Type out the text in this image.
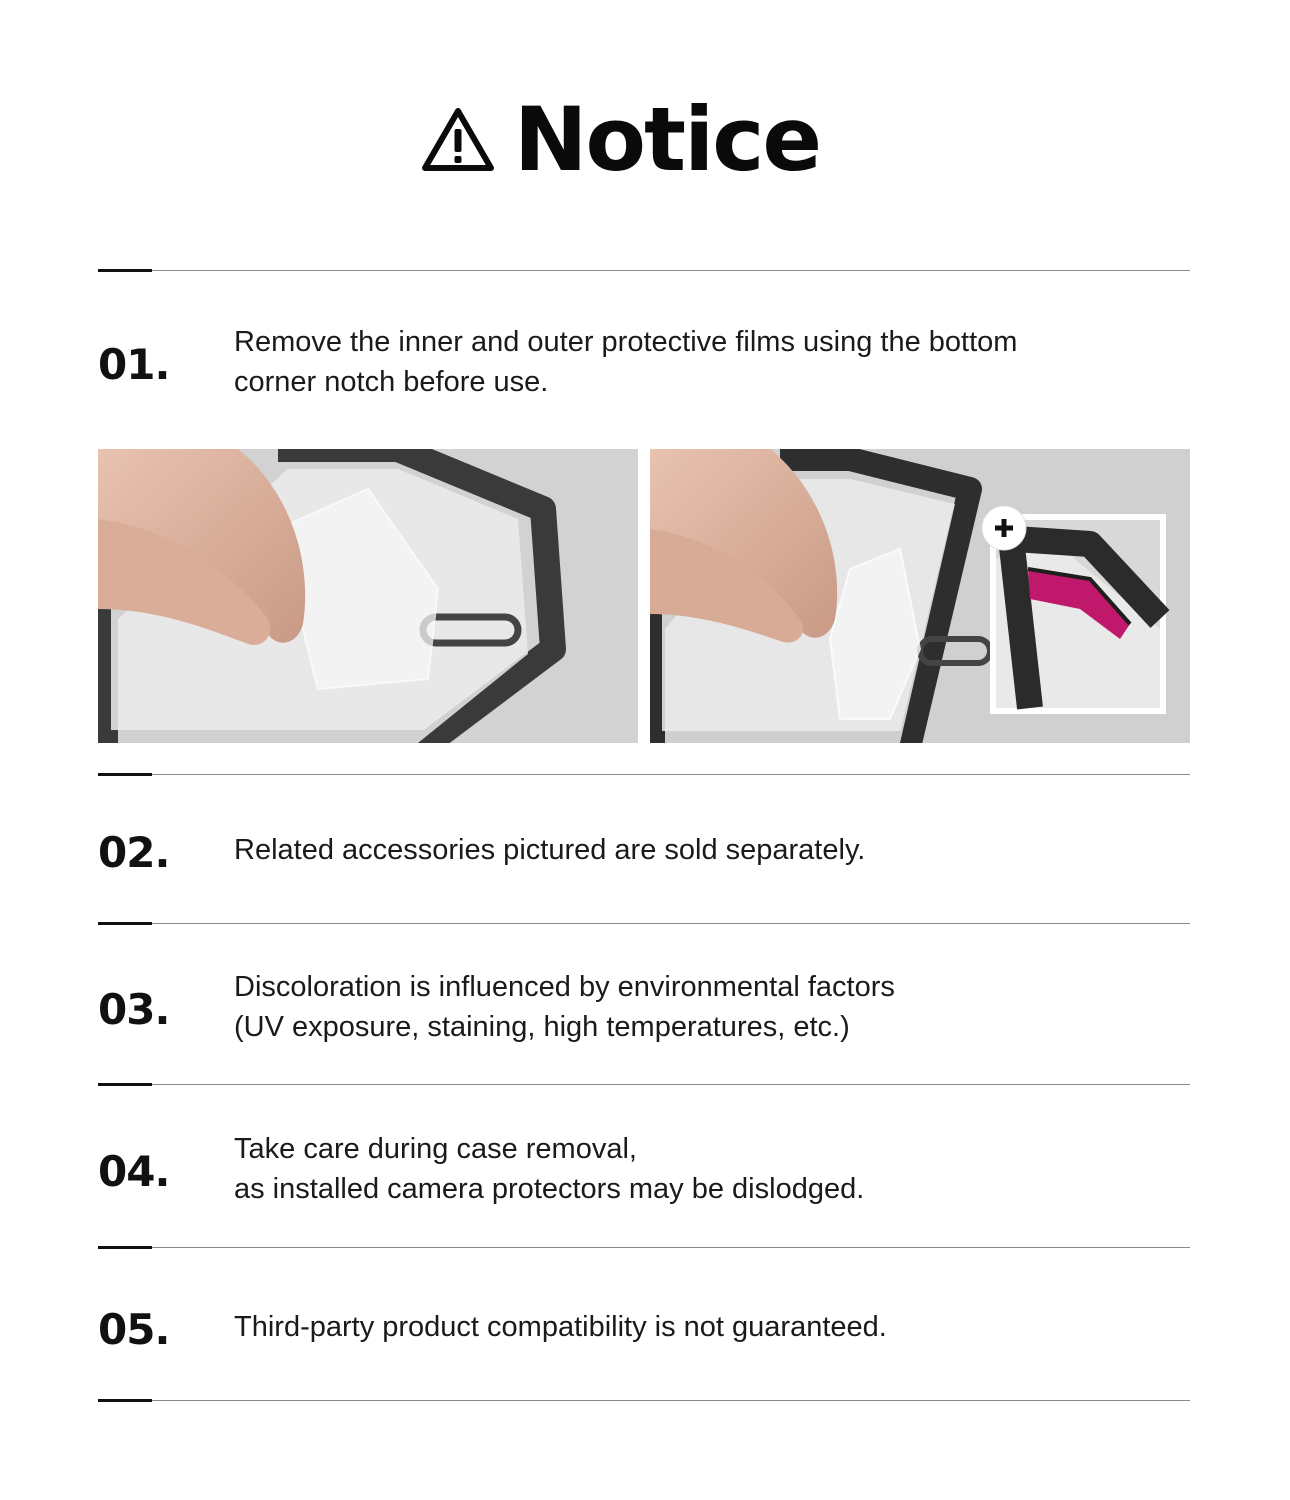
Notice
01. Remove the inner and outer protective films using the bottom
corner notch before use.
02. Related accessories pictured are sold separately.
03. Discoloration is influenced by environmental factors
(UV exposure, staining, high temperatures, etc.)
04. Take care during case removal,
as installed camera protectors may be dislodged.
05. Third-party product compatibility is not guaranteed.
